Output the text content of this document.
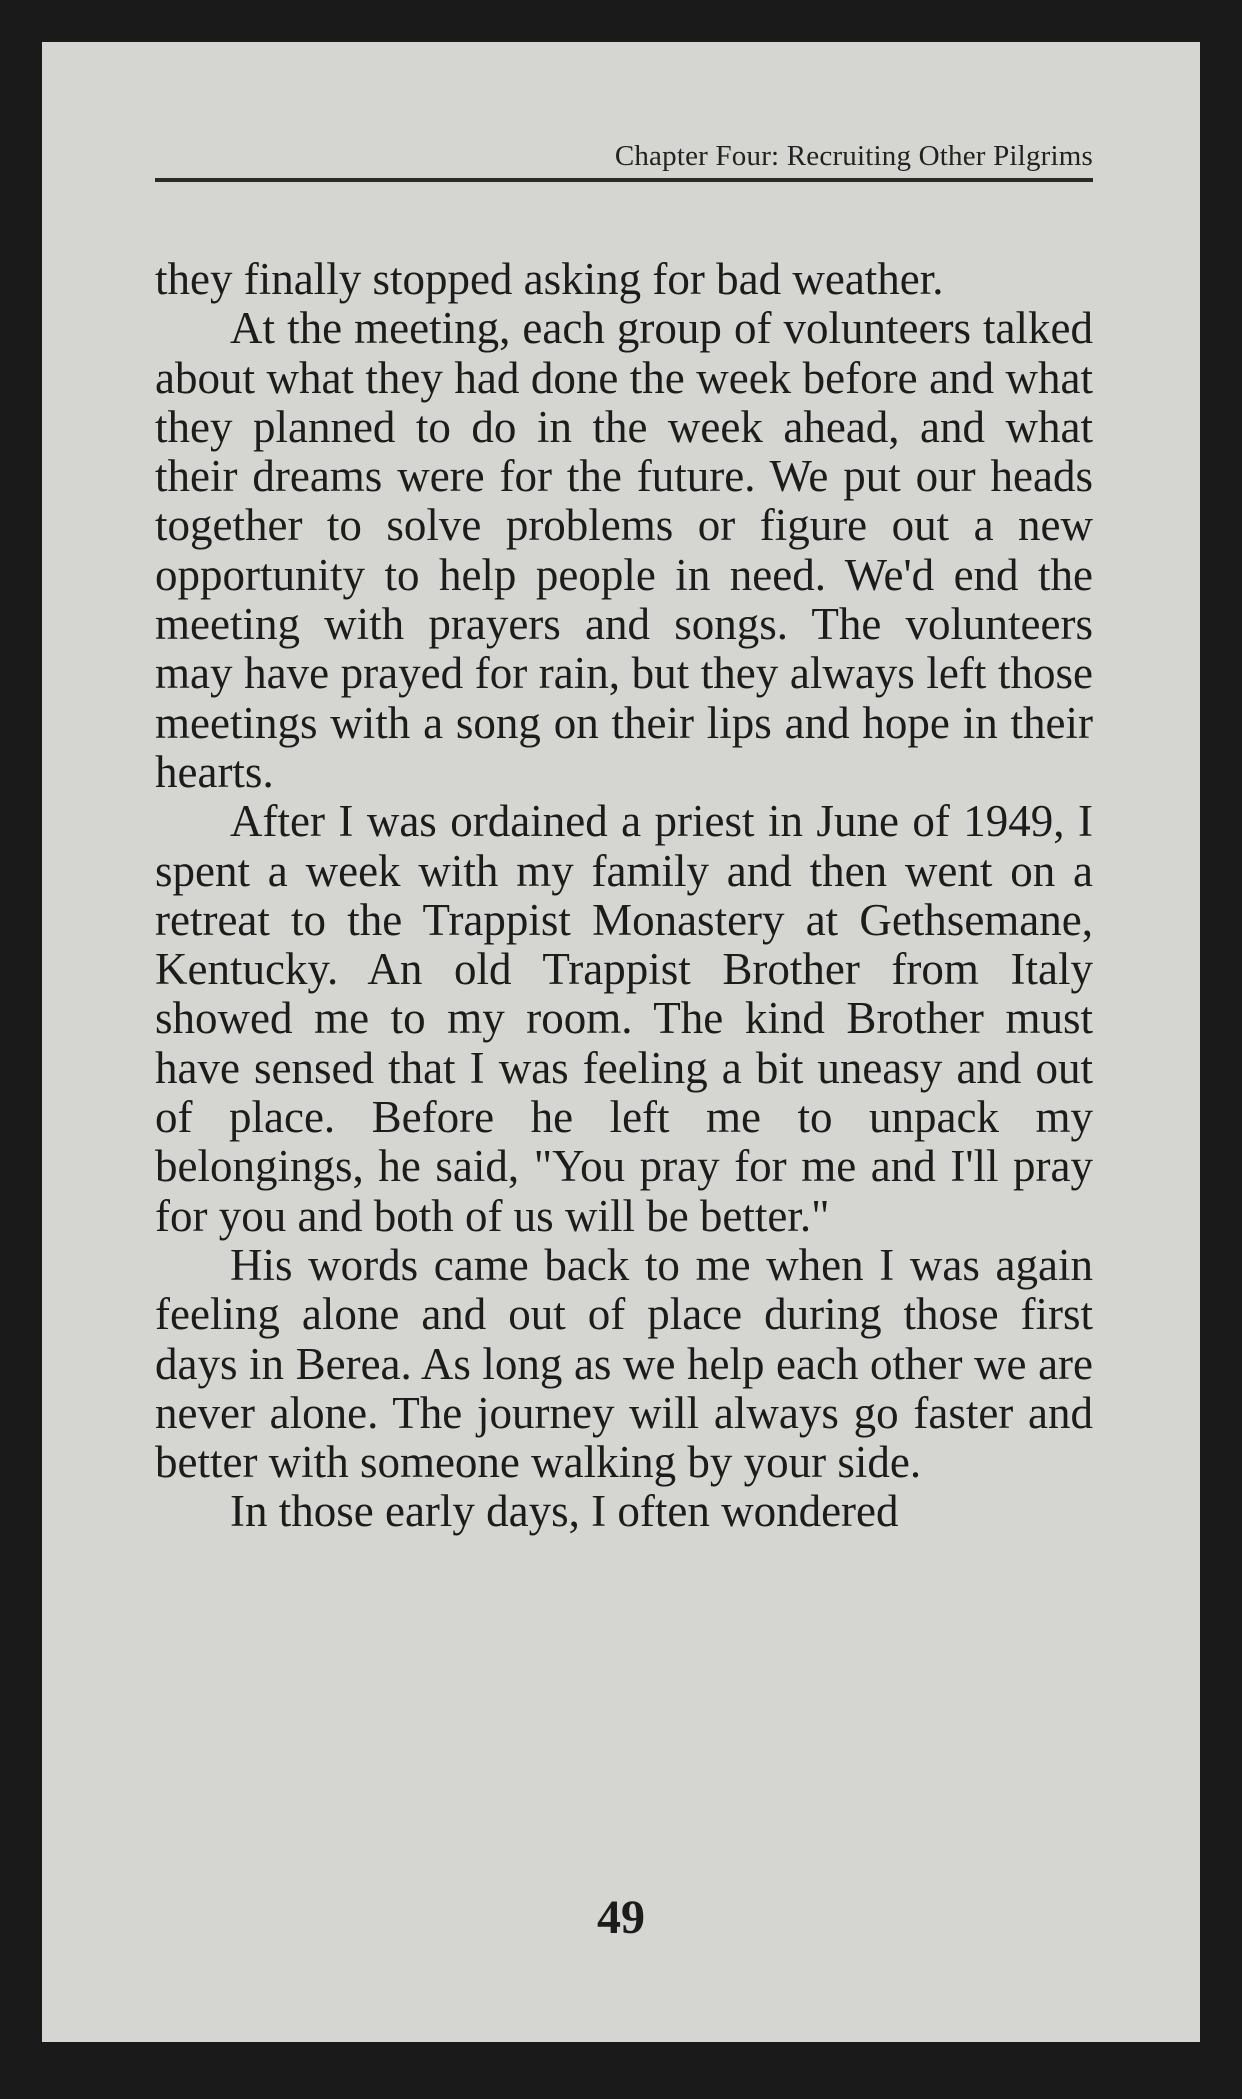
Chapter Four: Recruiting Other Pilgrims

they finally stopped asking for bad weather.

At the meeting, each group of volunteers talked about what they had done the week before and what they planned to do in the week ahead, and what their dreams were for the future. We put our heads together to solve problems or figure out a new opportunity to help people in need. We'd end the meeting with prayers and songs. The volunteers may have prayed for rain, but they always left those meetings with a song on their lips and hope in their hearts.

After I was ordained a priest in June of 1949, I spent a week with my family and then went on a retreat to the Trappist Monastery at Gethsemane, Kentucky. An old Trappist Brother from Italy showed me to my room. The kind Brother must have sensed that I was feeling a bit uneasy and out of place. Before he left me to unpack my belongings, he said, "You pray for me and I'll pray for you and both of us will be better."

His words came back to me when I was again feeling alone and out of place during those first days in Berea. As long as we help each other we are never alone. The journey will always go faster and better with someone walking by your side.

In those early days, I often wondered

49
